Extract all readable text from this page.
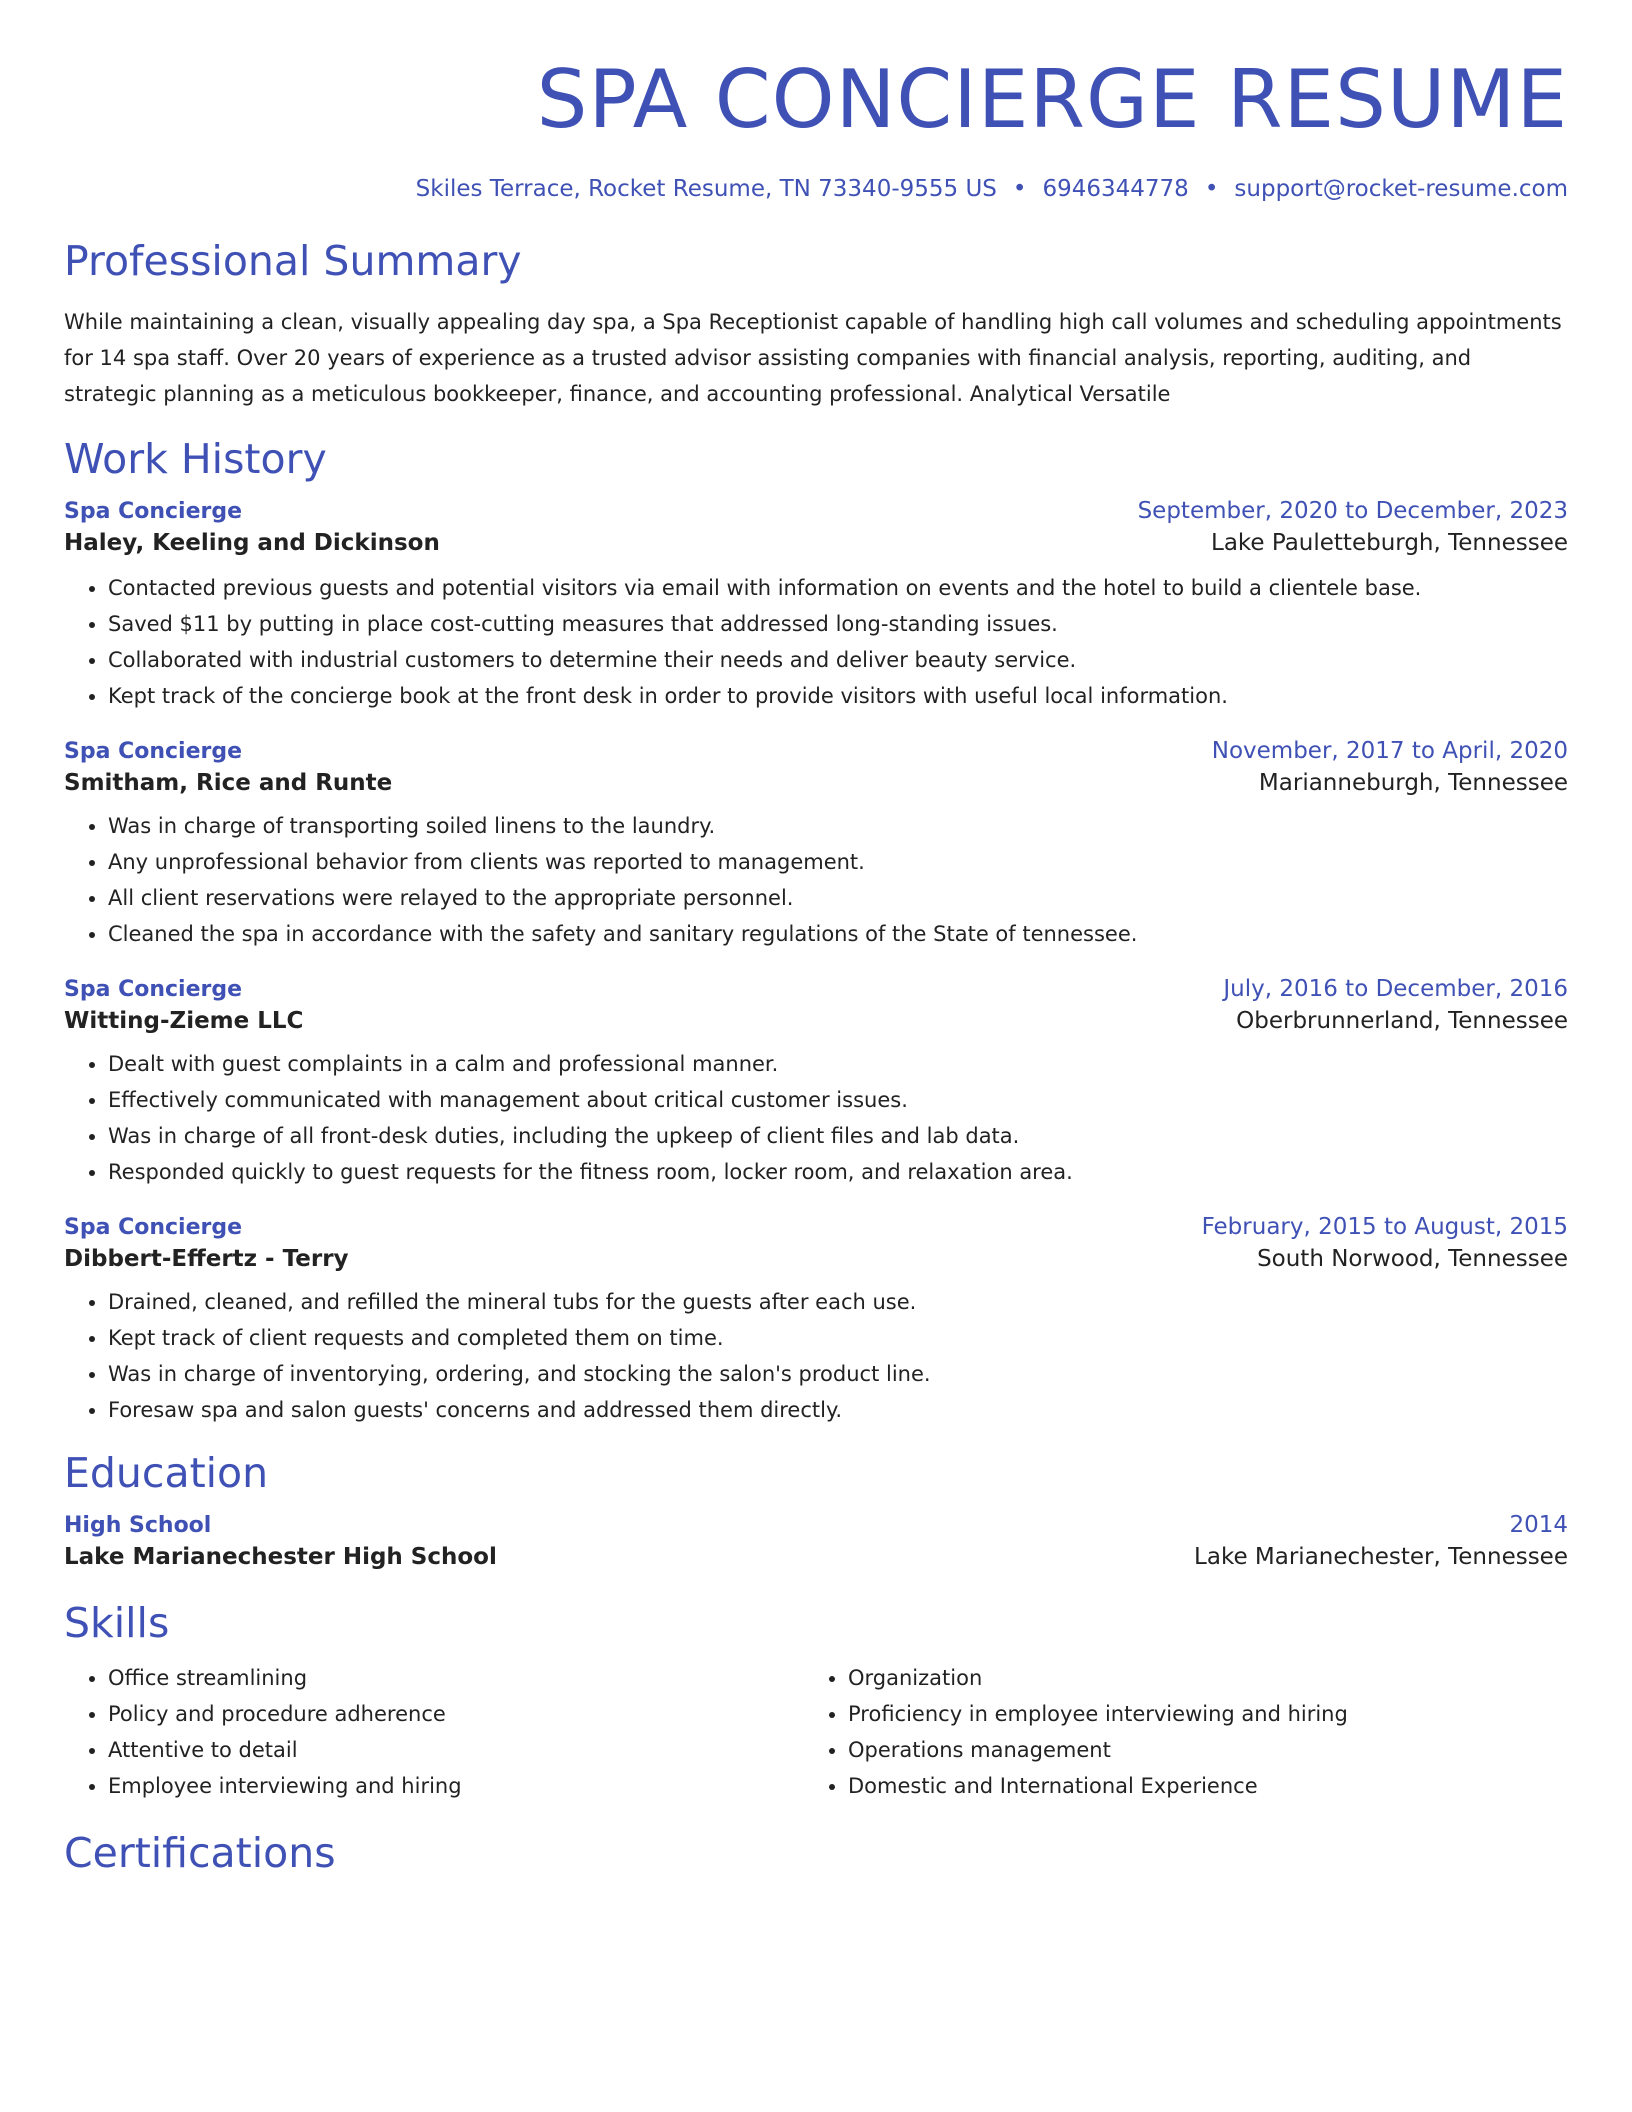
SPA CONCIERGE RESUME
Skiles Terrace, Rocket Resume, TN 73340-9555 US • 6946344778 • support@rocket-resume.com
Professional Summary

While maintaining a clean, visually appealing day spa, a Spa Receptionist capable of handling high call volumes and scheduling appointments for 14 spa staff. Over 20 years of experience as a trusted advisor assisting companies with financial analysis, reporting, auditing, and strategic planning as a meticulous bookkeeper, finance, and accounting professional. Analytical Versatile

Work History
Spa Concierge	September, 2020 to December, 2023
Haley, Keeling and Dickinson	Lake Pauletteburgh, Tennessee
• Contacted previous guests and potential visitors via email with information on events and the hotel to build a clientele base.
• Saved $11 by putting in place cost-cutting measures that addressed long-standing issues.
• Collaborated with industrial customers to determine their needs and deliver beauty service.
• Kept track of the concierge book at the front desk in order to provide visitors with useful local information.
Spa Concierge	November, 2017 to April, 2020
Smitham, Rice and Runte	Marianneburgh, Tennessee
• Was in charge of transporting soiled linens to the laundry.
• Any unprofessional behavior from clients was reported to management.
• All client reservations were relayed to the appropriate personnel.
• Cleaned the spa in accordance with the safety and sanitary regulations of the State of tennessee.
Spa Concierge	July, 2016 to December, 2016
Witting-Zieme LLC	Oberbrunnerland, Tennessee
• Dealt with guest complaints in a calm and professional manner.
• Effectively communicated with management about critical customer issues.
• Was in charge of all front-desk duties, including the upkeep of client files and lab data.
• Responded quickly to guest requests for the fitness room, locker room, and relaxation area.
Spa Concierge	February, 2015 to August, 2015
Dibbert-Effertz - Terry	South Norwood, Tennessee
• Drained, cleaned, and refilled the mineral tubs for the guests after each use.
• Kept track of client requests and completed them on time.
• Was in charge of inventorying, ordering, and stocking the salon's product line.
• Foresaw spa and salon guests' concerns and addressed them directly.
Education
High School	2014
Lake Marianechester High School	Lake Marianechester, Tennessee
Skills
• Office streamlining
• Policy and procedure adherence
• Attentive to detail
• Employee interviewing and hiring
• Organization
• Proficiency in employee interviewing and hiring
• Operations management
• Domestic and International Experience
Certifications
